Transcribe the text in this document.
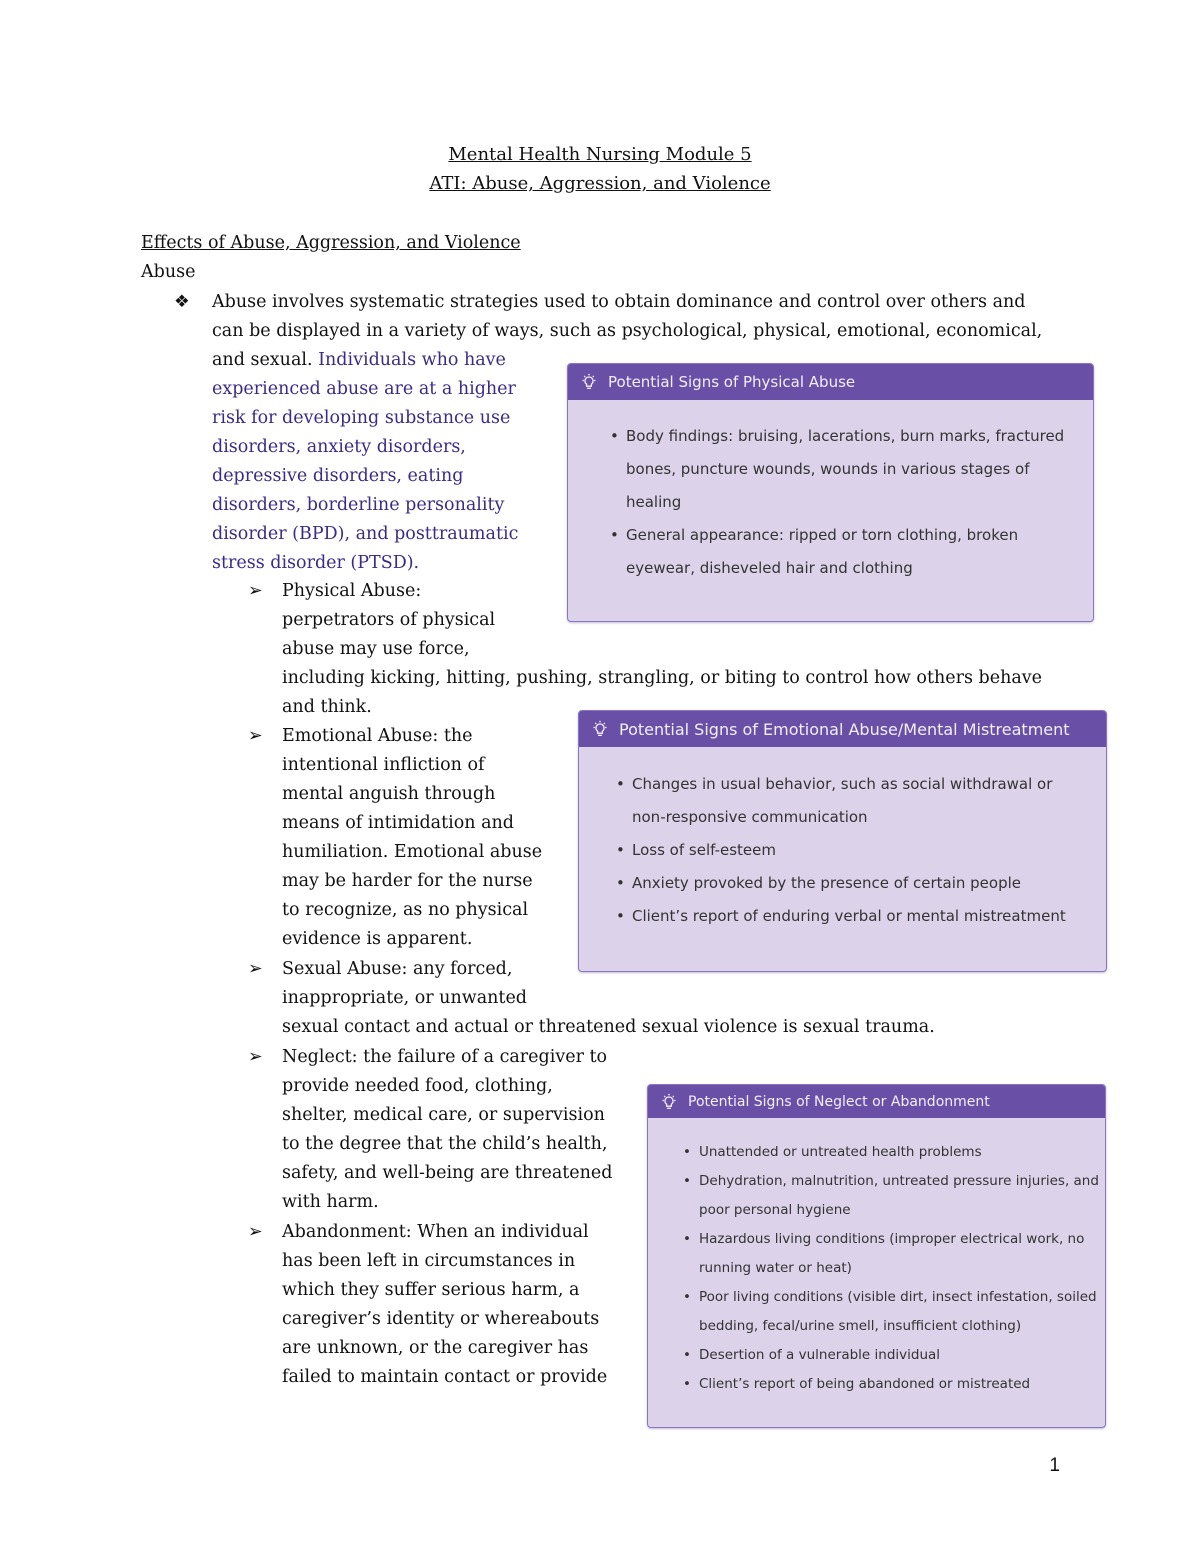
Mental Health Nursing Module 5
ATI: Abuse, Aggression, and Violence
Effects of Abuse, Aggression, and Violence
Abuse
❖ Abuse involves systematic strategies used to obtain dominance and control over others and
can be displayed in a variety of ways, such as psychological, physical, emotional, economical,
and sexual. Individuals who have
experienced abuse are at a higher
risk for developing substance use
disorders, anxiety disorders,
depressive disorders, eating
disorders, borderline personality
disorder (BPD), and posttraumatic
stress disorder (PTSD).
➢ Physical Abuse:
perpetrators of physical
abuse may use force,
including kicking, hitting, pushing, strangling, or biting to control how others behave
and think.
➢ Emotional Abuse: the
intentional infliction of
mental anguish through
means of intimidation and
humiliation. Emotional abuse
may be harder for the nurse
to recognize, as no physical
evidence is apparent.
➢ Sexual Abuse: any forced,
inappropriate, or unwanted
sexual contact and actual or threatened sexual violence is sexual trauma.
➢ Neglect: the failure of a caregiver to
provide needed food, clothing,
shelter, medical care, or supervision
to the degree that the child’s health,
safety, and well-being are threatened
with harm.
➢ Abandonment: When an individual
has been left in circumstances in
which they suffer serious harm, a
caregiver’s identity or whereabouts
are unknown, or the caregiver has
failed to maintain contact or provide
Potential Signs of Physical Abuse
• Body findings: bruising, lacerations, burn marks, fractured
bones, puncture wounds, wounds in various stages of
healing
• General appearance: ripped or torn clothing, broken
eyewear, disheveled hair and clothing
Potential Signs of Emotional Abuse/Mental Mistreatment
• Changes in usual behavior, such as social withdrawal or
non-responsive communication
• Loss of self-esteem
• Anxiety provoked by the presence of certain people
• Client’s report of enduring verbal or mental mistreatment
Potential Signs of Neglect or Abandonment
• Unattended or untreated health problems
• Dehydration, malnutrition, untreated pressure injuries, and
poor personal hygiene
• Hazardous living conditions (improper electrical work, no
running water or heat)
• Poor living conditions (visible dirt, insect infestation, soiled
bedding, fecal/urine smell, insufficient clothing)
• Desertion of a vulnerable individual
• Client’s report of being abandoned or mistreated
1
